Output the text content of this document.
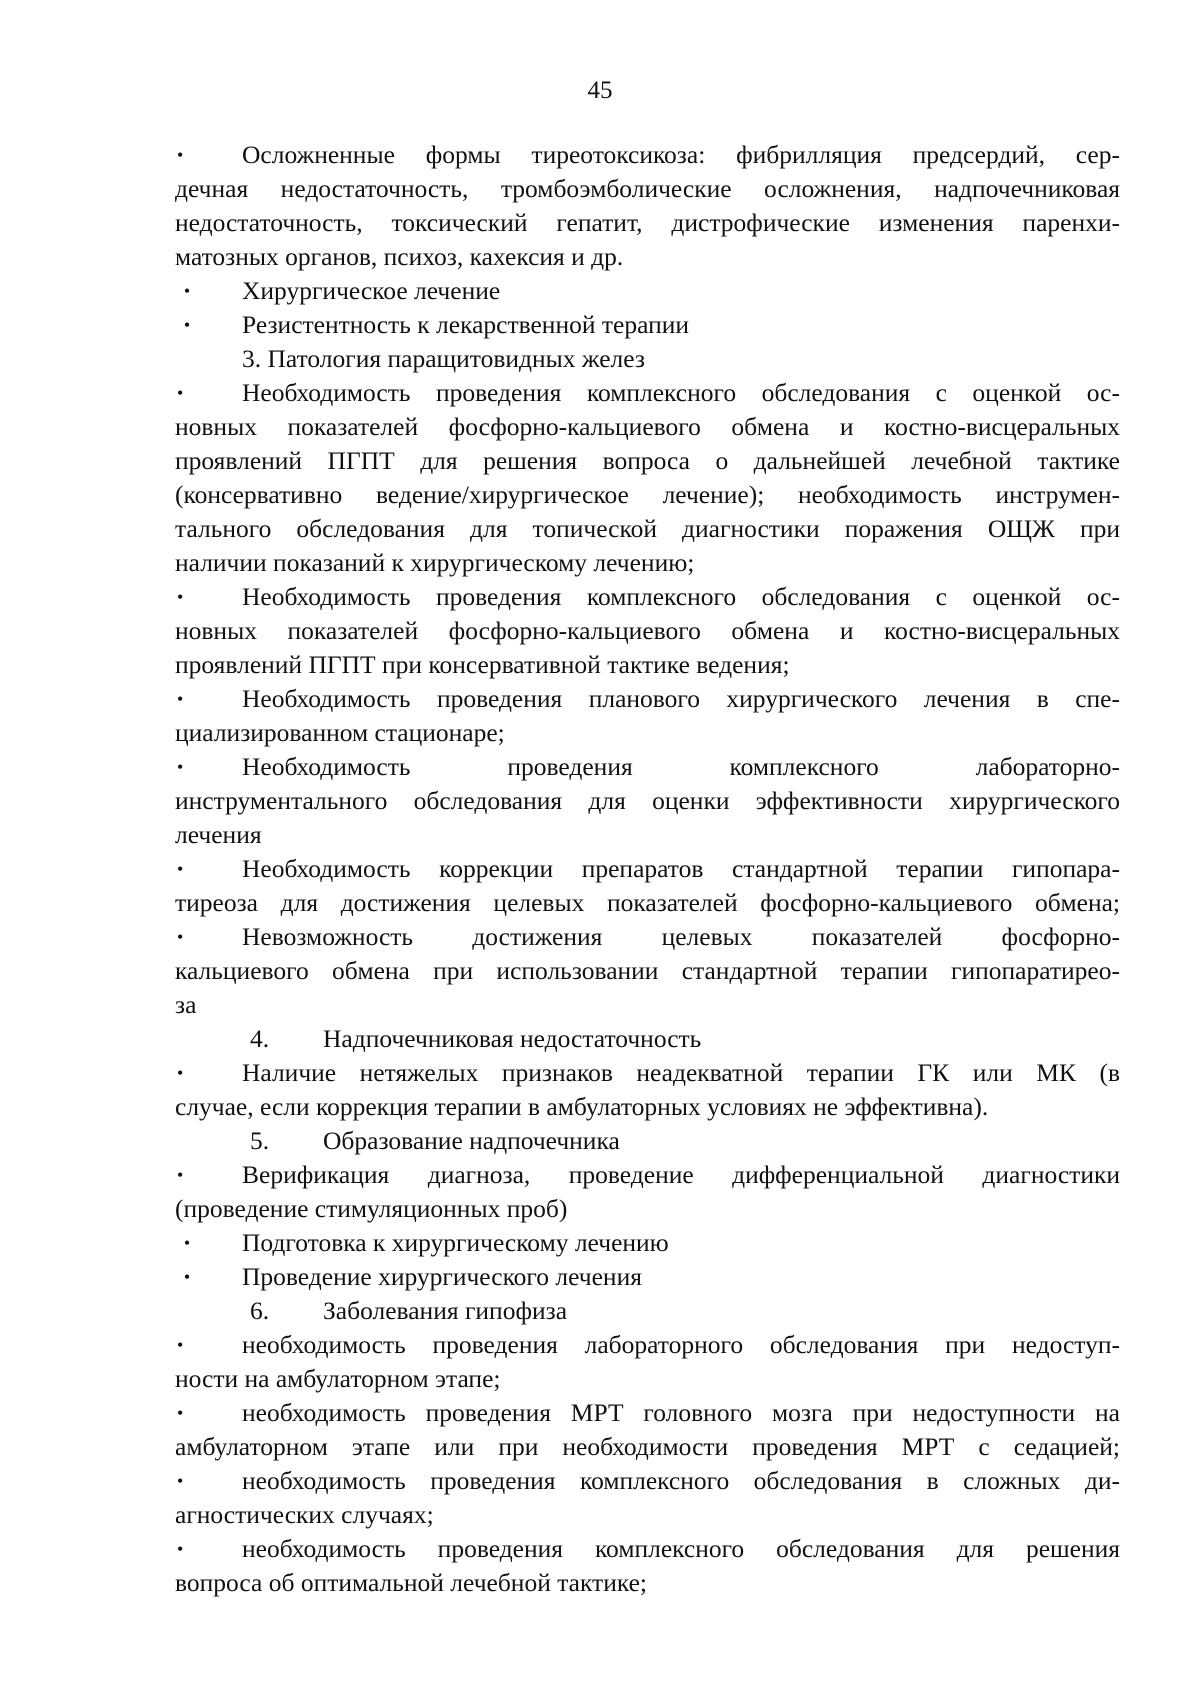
45
•	Осложненные формы тиреотоксикоза: фибрилляция предсердий, сер-
дечная недостаточность, тромбоэмболические осложнения, надпочечниковая
недостаточность, токсический гепатит, дистрофические изменения паренхи-
матозных органов, психоз, кахексия и др.
• Хирургическое лечение
• Резистентность к лекарственной терапии
3. Патология паращитовидных желез
•	Необходимость проведения комплексного обследования с оценкой ос-
новных показателей фосфорно-кальциевого обмена и костно-висцеральных
проявлений ПГПТ для решения вопроса о дальнейшей лечебной тактике
(консервативно ведение/хирургическое лечение); необходимость инструмен-
тального обследования для топической диагностики поражения ОЩЖ при
наличии показаний к хирургическому лечению;
•	Необходимость проведения комплексного обследования с оценкой ос-
новных показателей фосфорно-кальциевого обмена и костно-висцеральных
проявлений ПГПТ при консервативной тактике ведения;
•	Необходимость проведения планового хирургического лечения в спе-
циализированном стационаре;
•	Необходимость проведения комплексного лабораторно-
инструментального обследования для оценки эффективности хирургического
лечения
•	Необходимость коррекции препаратов стандартной терапии гипопара-
тиреоза для достижения целевых показателей фосфорно-кальциевого обмена;
•	Невозможность достижения целевых показателей фосфорно-
кальциевого обмена при использовании стандартной терапии гипопаратирео-
за
4. Надпочечниковая недостаточность
•	Наличие нетяжелых признаков неадекватной терапии ГК или МК (в
случае, если коррекция терапии в амбулаторных условиях не эффективна).
5. Образование надпочечника
•	Верификация диагноза, проведение дифференциальной диагностики
(проведение стимуляционных проб)
• Подготовка к хирургическому лечению
• Проведение хирургического лечения
6. Заболевания гипофиза
•	необходимость проведения лабораторного обследования при недоступ-
ности на амбулаторном этапе;
•	необходимость проведения МРТ головного мозга при недоступности на
амбулаторном этапе или при необходимости проведения МРТ с седацией;
•	необходимость проведения комплексного обследования в сложных ди-
агностических случаях;
•	необходимость проведения комплексного обследования для решения
вопроса об оптимальной лечебной тактике;
